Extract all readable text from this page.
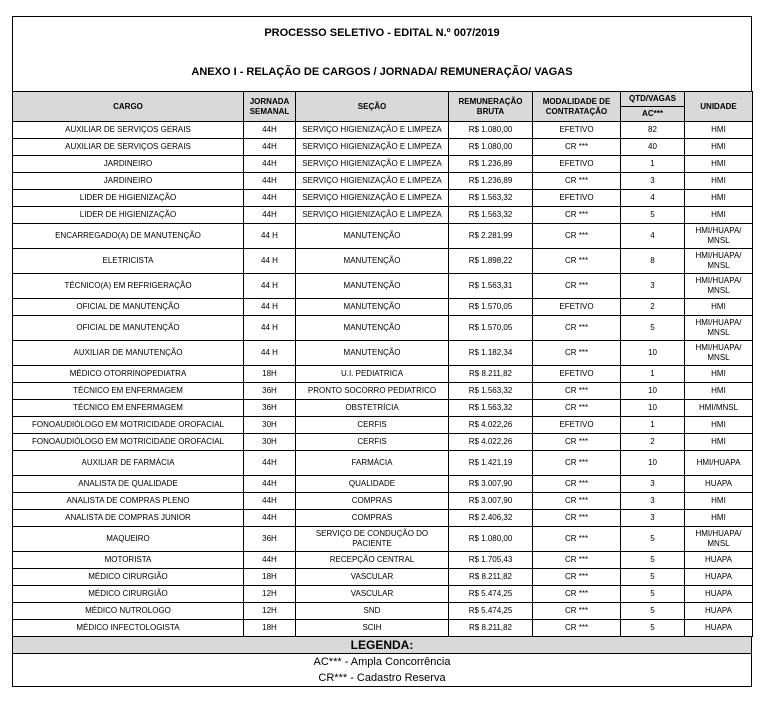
PROCESSO SELETIVO - EDITAL N.º 007/2019
ANEXO I - RELAÇÃO DE CARGOS / JORNADA/ REMUNERAÇÃO/ VAGAS
CARGO	JORNADA SEMANAL	SEÇÃO	REMUNERAÇÃO BRUTA	MODALIDADE DE CONTRATAÇÃO	QTD/VAGAS	UNIDADE
					AC***	
AUXILIAR DE SERVIÇOS GERAIS	44H	SERVIÇO HIGIENIZAÇÃO E LIMPEZA	R$ 1.080,00	EFETIVO	82	HMI
AUXILIAR DE SERVIÇOS GERAIS	44H	SERVIÇO HIGIENIZAÇÃO E LIMPEZA	R$ 1.080,00	CR ***	40	HMI
JARDINEIRO	44H	SERVIÇO HIGIENIZAÇÃO E LIMPEZA	R$ 1.236,89	EFETIVO	1	HMI
JARDINEIRO	44H	SERVIÇO HIGIENIZAÇÃO E LIMPEZA	R$ 1.236,89	CR ***	3	HMI
LIDER DE HIGIENIZAÇÃO	44H	SERVIÇO HIGIENIZAÇÃO E LIMPEZA	R$ 1.563,32	EFETIVO	4	HMI
LIDER DE HIGIENIZAÇÃO	44H	SERVIÇO HIGIENIZAÇÃO E LIMPEZA	R$ 1.563,32	CR ***	5	HMI
ENCARREGADO(A) DE MANUTENÇÃO	44 H	MANUTENÇÃO	R$ 2.281,99	CR ***	4	HMI/HUAPA/ MNSL
ELETRICISTA	44 H	MANUTENÇÃO	R$ 1.898,22	CR ***	8	HMI/HUAPA/ MNSL
TÉCNICO(A) EM REFRIGERAÇÃO	44 H	MANUTENÇÃO	R$ 1.563,31	CR ***	3	HMI/HUAPA/ MNSL
OFICIAL DE MANUTENÇÃO	44 H	MANUTENÇÃO	R$ 1.570,05	EFETIVO	2	HMI
OFICIAL DE MANUTENÇÃO	44 H	MANUTENÇÃO	R$ 1.570,05	CR ***	5	HMI/HUAPA/ MNSL
AUXILIAR DE MANUTENÇÃO	44 H	MANUTENÇÃO	R$ 1.182,34	CR ***	10	HMI/HUAPA/ MNSL
MÉDICO OTORRINOPEDIATRA	18H	U.I. PEDIATRICA	R$ 8.211,82	EFETIVO	1	HMI
TÉCNICO EM ENFERMAGEM	36H	PRONTO SOCORRO PEDIATRICO	R$ 1.563,32	CR ***	10	HMI
TÉCNICO EM ENFERMAGEM	36H	OBSTETRÍCIA	R$ 1.563,32	CR ***	10	HMI/MNSL
FONOAUDIÓLOGO EM MOTRICIDADE OROFACIAL	30H	CERFIS	R$ 4.022,26	EFETIVO	1	HMI
FONOAUDIÓLOGO EM MOTRICIDADE OROFACIAL	30H	CERFIS	R$ 4.022,26	CR ***	2	HMI
AUXILIAR DE FARMÁCIA	44H	FARMÁCIA	R$ 1.421,19	CR ***	10	HMI/HUAPA
ANALISTA DE QUALIDADE	44H	QUALIDADE	R$ 3.007,90	CR ***	3	HUAPA
ANALISTA DE COMPRAS PLENO	44H	COMPRAS	R$ 3.007,90	CR ***	3	HMI
ANALISTA DE COMPRAS JUNIOR	44H	COMPRAS	R$ 2.406,32	CR ***	3	HMI
MAQUEIRO	36H	SERVIÇO DE CONDUÇÃO DO PACIENTE	R$ 1.080,00	CR ***	5	HMI/HUAPA/ MNSL
MOTORISTA	44H	RECEPÇÃO CENTRAL	R$ 1.705,43	CR ***	5	HUAPA
MÉDICO CIRURGIÃO	18H	VASCULAR	R$ 8.211,82	CR ***	5	HUAPA
MÉDICO CIRURGIÃO	12H	VASCULAR	R$ 5.474,25	CR ***	5	HUAPA
MÉDICO NUTROLOGO	12H	SND	R$ 5.474,25	CR ***	5	HUAPA
MÉDICO INFECTOLOGISTA	18H	SCIH	R$ 8.211,82	CR ***	5	HUAPA
LEGENDA:
AC*** - Ampla Concorrência
CR*** - Cadastro Reserva
